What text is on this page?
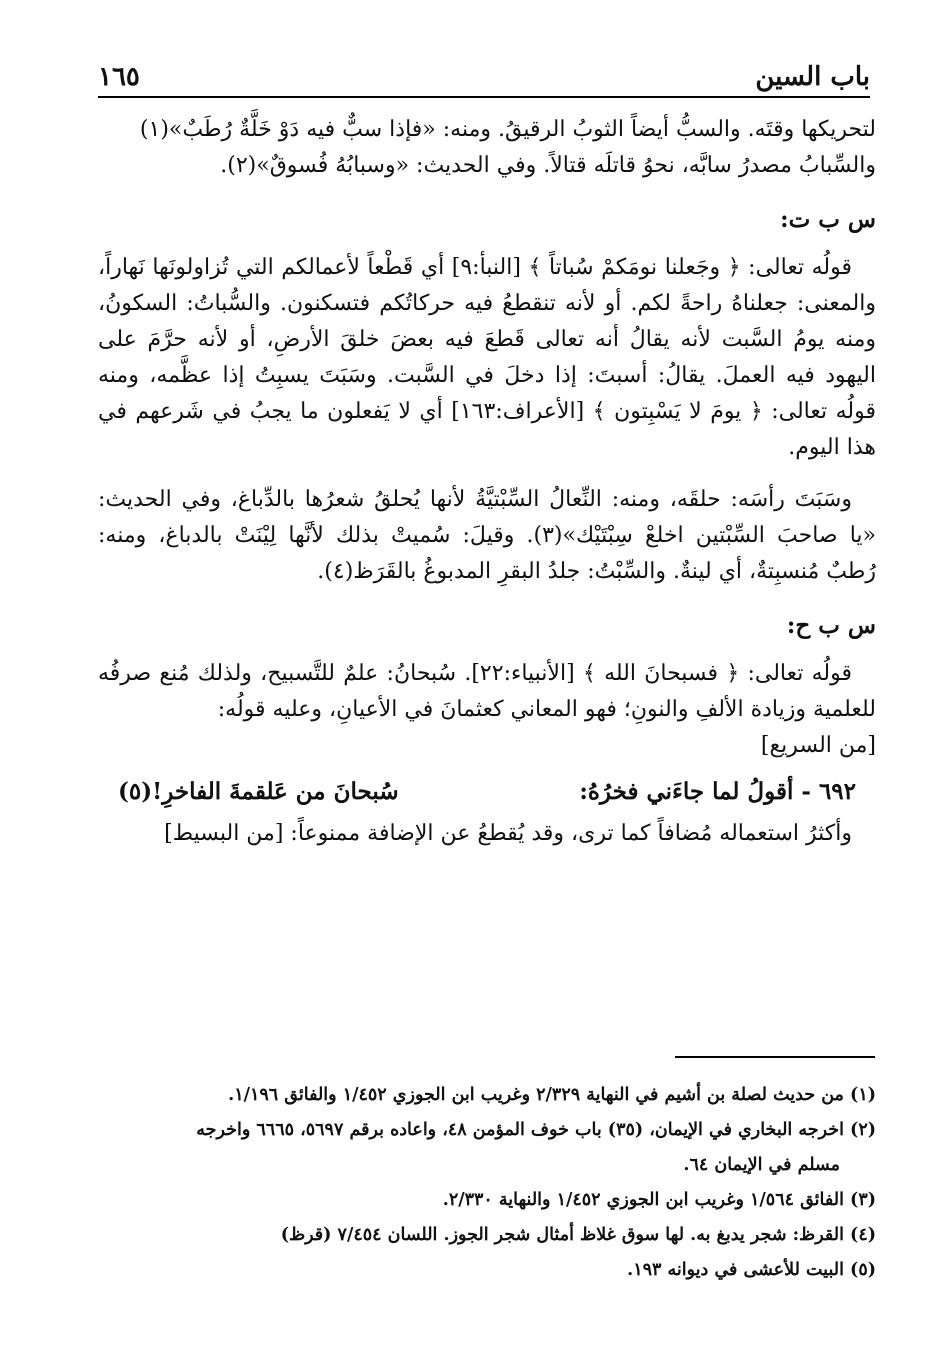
باب السين
١٦٥

لتحريكها وقتَه. والسبُّ أيضاً الثوبُ الرقيقُ. ومنه: «فإذا سبٌّ فيه دَوْ خَلَّةٌ رُطَبٌ»(١)

والسِّبابُ مصدرُ سابَّه، نحوُ قاتلَه قتالاً. وفي الحديث: «وسبابُهُ فُسوقٌ»(٢).

س ب ت:

قولُه تعالى: ﴿ وجَعلنا نومَكمْ سُباتاً ﴾ [النبأ:٩] أي قَطْعاً لأعمالكم التي تُزاولونَها نَهاراً، والمعنى: جعلناهُ راحةً لكم. أو لأنه تنقطعُ فيه حركاتُكم فتسكنون. والسُّباتُ: السكونُ، ومنه يومُ السَّبت لأنه يقالُ أنه تعالى قَطعَ فيه بعضَ خلقَ الأرضِ، أو لأنه حرَّمَ على اليهود فيه العملَ. يقالُ: أسبتَ: إذا دخلَ في السَّبت. وسَبَتَ يسبِتُ إذا عظَّمه، ومنه قولُه تعالى: ﴿ يومَ لا يَسْبِتون ﴾ [الأعراف:١٦٣] أي لا يَفعلون ما يجبُ في شَرعهم في هذا اليوم.

وسَبَتَ رأسَه: حلقَه، ومنه: النِّعالُ السِّبْتيَّةُ لأنها يُحلقُ شعرُها بالدِّباغ، وفي الحديث: «يا صاحبَ السِّبْتين اخلعْ سِبْتَيْك»(٣). وقيلَ: سُميتْ بذلك لأنَّها لِيْنَتْ بالدباغ، ومنه: رُطبٌ مُنسبِتةٌ، أي لينةٌ. والسِّبْتُ: جلدُ البقرِ المدبوغُ بالقَرَظ(٤).

س ب ح:

قولُه تعالى: ﴿ فسبحانَ الله ﴾ [الأنبياء:٢٢]. سُبحانُ: علمٌ للتَّسبيح، ولذلك مُنع صرفُه للعلمية وزيادة الألفِ والنونِ؛ فهو المعاني كعثمانَ في الأعيانِ، وعليه قولُه:

[من السريع]

٦٩٢ - أقولُ لما جاءَني فخرُهُ:
سُبحانَ من عَلقمةَ الفاخرِ!(٥)

وأكثرُ استعماله مُضافاً كما ترى، وقد يُقطعُ عن الإضافة ممنوعاً: [من البسيط]

(١) من حديث لصلة بن أشيم في النهاية ٢/٣٢٩ وغريب ابن الجوزي ١/٤٥٢ والفائق ١/١٩٦.

(٢) اخرجه البخاري في الإيمان، (٣٥) باب خوف المؤمن ٤٨، واعاده برقم ٥٦٩٧، ٦٦٦٥ واخرجه

مسلم في الإيمان ٦٤.

(٣) الفائق ١/٥٦٤ وغريب ابن الجوزي ١/٤٥٢ والنهاية ٢/٣٣٠.

(٤) القرظ: شجر يدبغ به. لها سوق غلاظ أمثال شجر الجوز. اللسان ٧/٤٥٤ (قرظ)

(٥) البيت للأعشى في ديوانه ١٩٣.
